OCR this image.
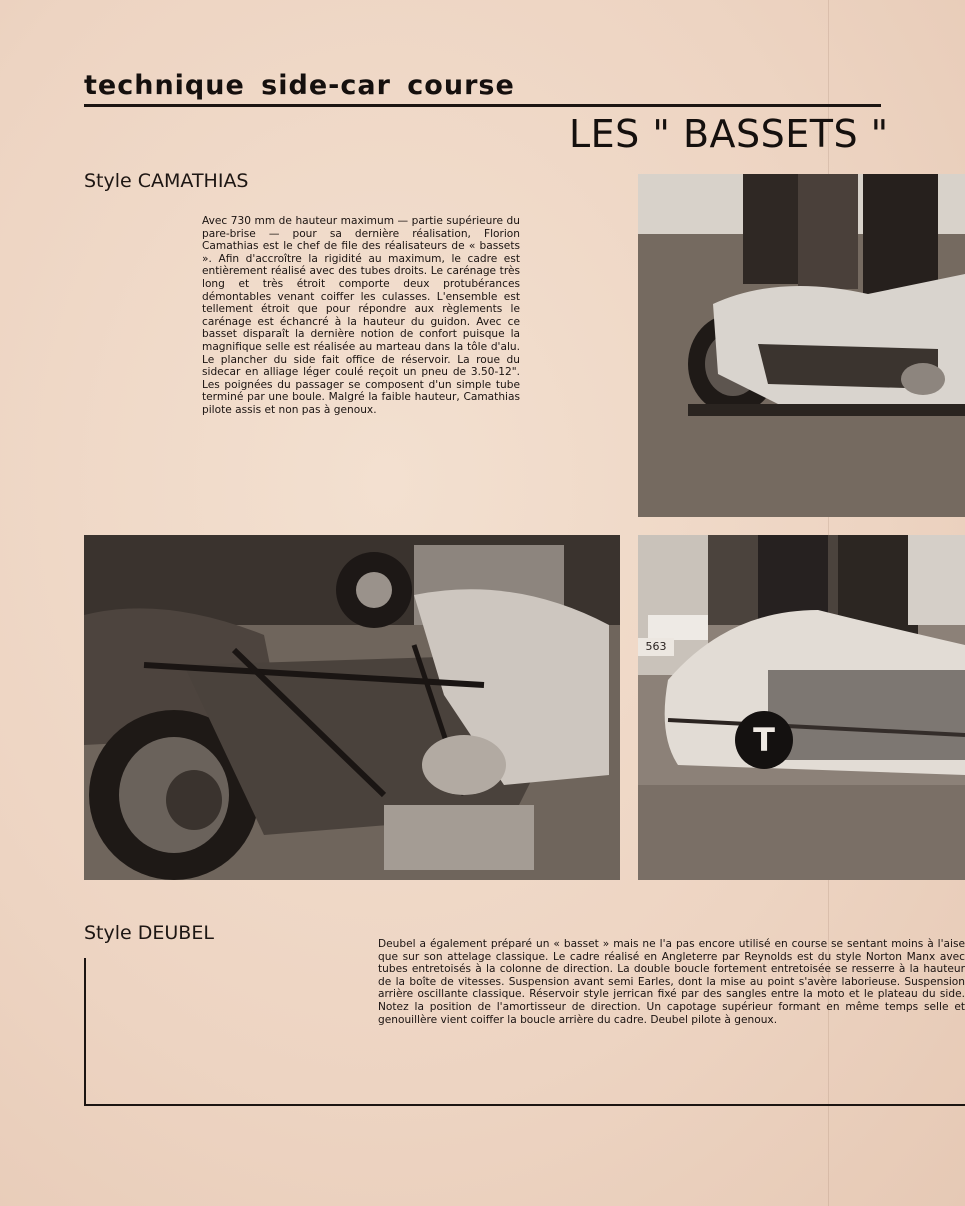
technique side-car course
LES " BASSETS "
Style CAMATHIAS
Avec 730 mm de hauteur maximum — partie supérieure du pare-brise — pour sa dernière réalisation, Florion Camathias est le chef de file des réalisateurs de « bassets ». Afin d'accroître la rigidité au maximum, le cadre est entièrement réalisé avec des tubes droits. Le carénage très long et très étroit comporte deux protubérances démontables venant coiffer les culasses. L'ensemble est tellement étroit que pour répondre aux règlements le carénage est échancré à la hauteur du guidon. Avec ce basset disparaît la dernière notion de confort puisque la magnifique selle est réalisée au marteau dans la tôle d'alu. Le plancher du side fait office de réservoir. La roue du sidecar en alliage léger coulé reçoit un pneu de 3.50-12". Les poignées du passager se composent d'un simple tube terminé par une boule. Malgré la faible hauteur, Camathias pilote assis et non pas à genoux.
T
563
Style DEUBEL	Deubel a également préparé un « basset » mais ne l'a pas encore utilisé en course se sentant moins à l'aise que sur son attelage classique. Le cadre réalisé en Angleterre par Reynolds est du style Norton Manx avec tubes entretoisés à la colonne de direction. La double boucle fortement entretoisée se resserre à la hauteur de la boîte de vitesses. Suspension avant semi Earles, dont la mise au point s'avère laborieuse. Suspension arrière oscillante classique. Réservoir style jerrican fixé par des sangles entre la moto et le plateau du side. Notez la position de l'amortisseur de direction. Un capotage supérieur formant en même temps selle et genouillère vient coiffer la boucle arrière du cadre. Deubel pilote à genoux.
